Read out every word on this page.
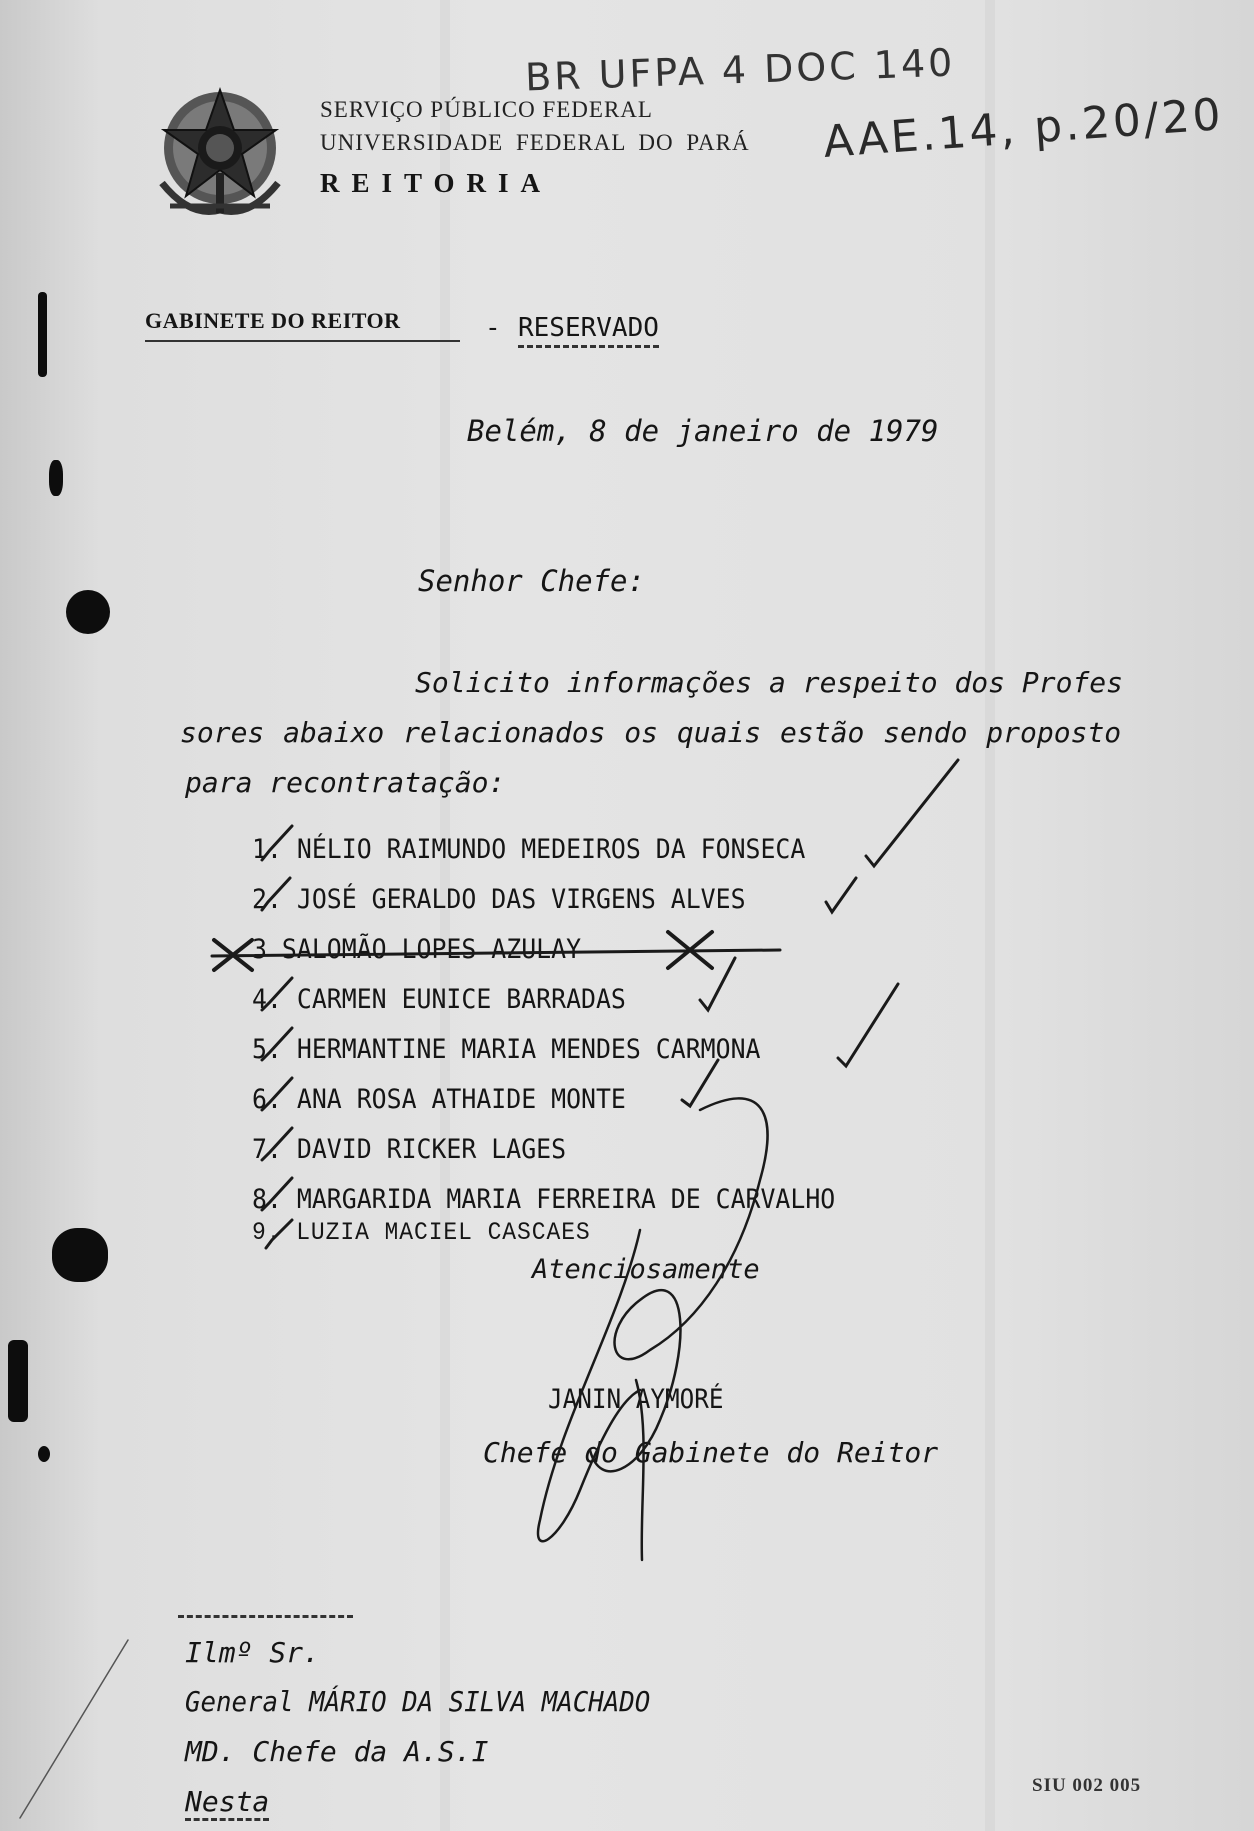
SERVIÇO PÚBLICO FEDERAL
UNIVERSIDADE FEDERAL DO PARÁ
REITORIA
BR UFPA 4 DOC 140
AAE.14, p.20/20
GABINETE DO REITOR	- RESERVADO
Belém, 8 de janeiro de 1979
Senhor Chefe:
Solicito informações a respeito dos Profes
sores abaixo relacionados os quais estão sendo proposto
para recontratação:
1. NÉLIO RAIMUNDO MEDEIROS DA FONSECA
2. JOSÉ GERALDO DAS VIRGENS ALVES
3 SALOMÃO LOPES AZULAY
4. CARMEN EUNICE BARRADAS
5. HERMANTINE MARIA MENDES CARMONA
6. ANA ROSA ATHAIDE MONTE
7. DAVID RICKER LAGES
8. MARGARIDA MARIA FERREIRA DE CARVALHO
9. LUZIA MACIEL CASCAES
Atenciosamente
JANIN AYMORÉ
Chefe do Gabinete do Reitor
Ilmº Sr.
General MÁRIO DA SILVA MACHADO
MD. Chefe da A.S.I
Nesta	SIU 002 005
